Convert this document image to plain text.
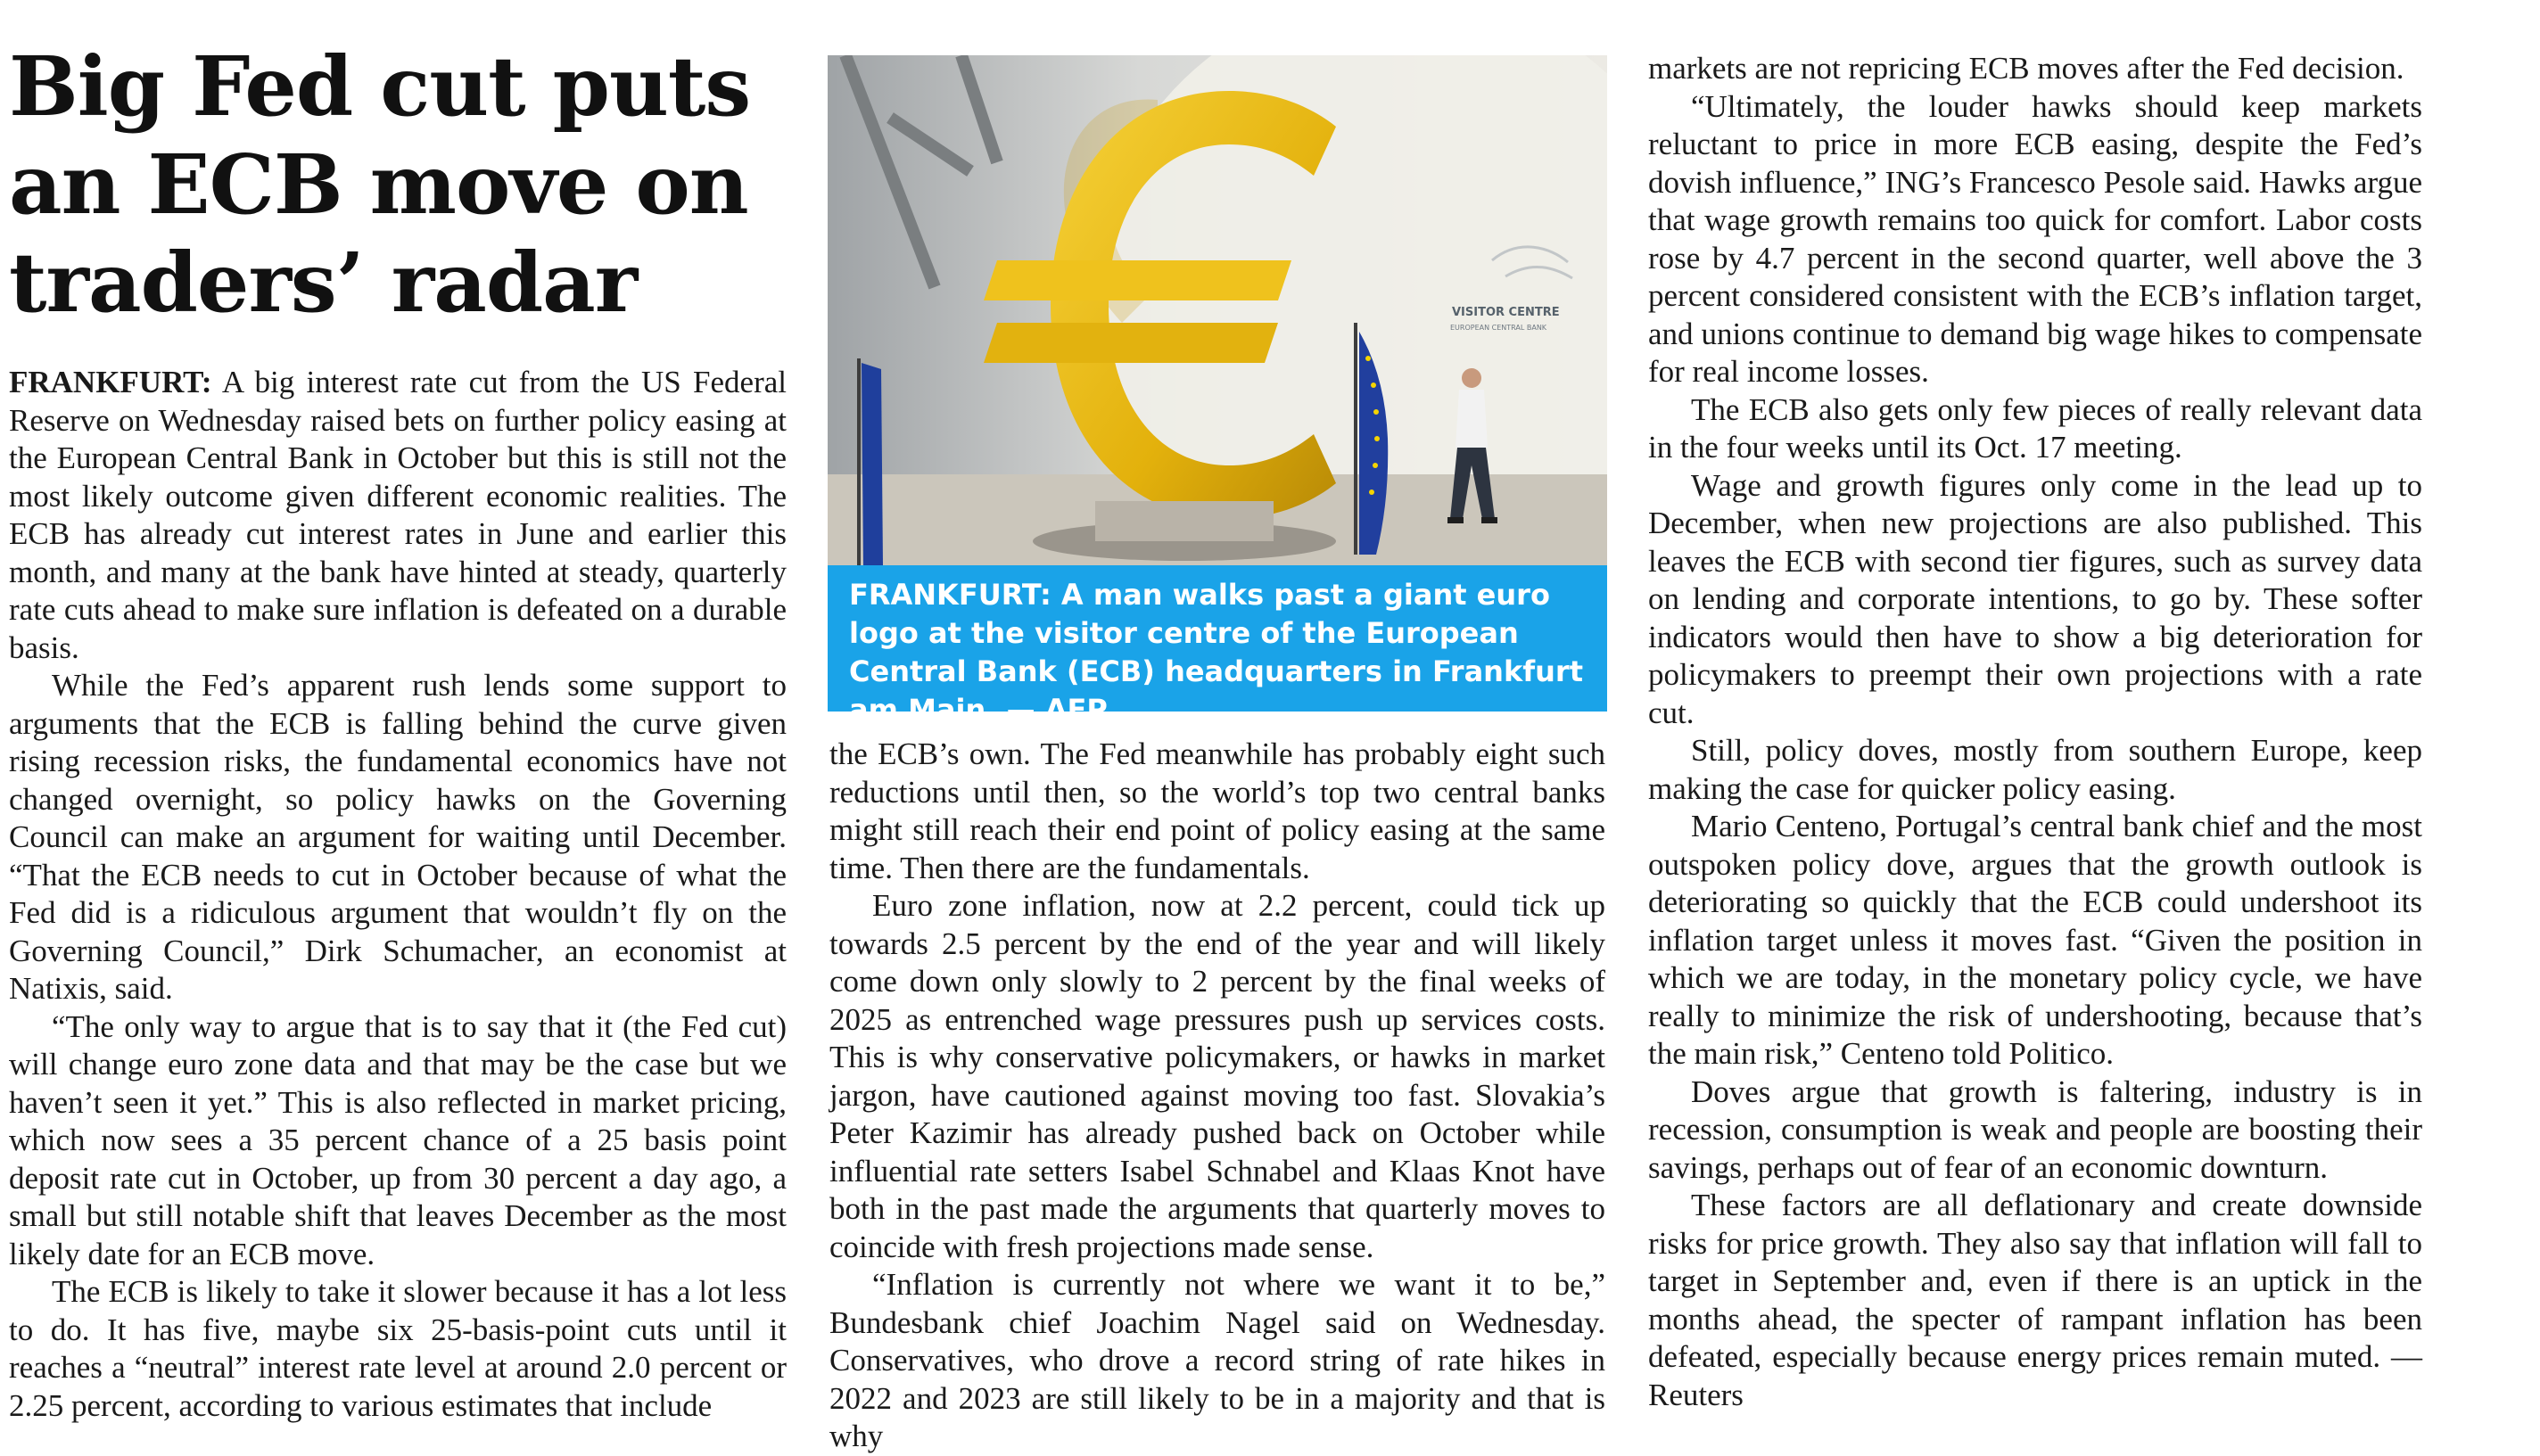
Big Fed cut puts an ECB move on traders’ radar

FRANKFURT: A big interest rate cut from the US Federal Reserve on Wednesday raised bets on further policy easing at the European Central Bank in October but this is still not the most likely outcome given different economic realities. The ECB has already cut interest rates in June and earlier this month, and many at the bank have hinted at steady, quarterly rate cuts ahead to make sure inflation is defeated on a durable basis.

While the Fed’s apparent rush lends some support to arguments that the ECB is falling behind the curve given rising recession risks, the fundamental economics have not changed overnight, so policy hawks on the Governing Council can make an argument for waiting until December. “That the ECB needs to cut in October because of what the Fed did is a ridiculous argument that wouldn’t fly on the Governing Council,” Dirk Schumacher, an economist at Natixis, said.

“The only way to argue that is to say that it (the Fed cut) will change euro zone data and that may be the case but we haven’t seen it yet.” This is also reflected in market pricing, which now sees a 35 percent chance of a 25 basis point deposit rate cut in October, up from 30 percent a day ago, a small but still notable shift that leaves December as the most likely date for an ECB move.

The ECB is likely to take it slower because it has a lot less to do. It has five, maybe six 25-basis-point cuts until it reaches a “neutral” interest rate level at around 2.0 percent or 2.25 percent, according to various estimates that include

VISITOR CENTRE
EUROPEAN CENTRAL BANK
FRANKFURT: A man walks past a giant euro logo at the visitor centre of the European Central Bank (ECB) headquarters in Frankfurt am Main. — AFP

the ECB’s own. The Fed meanwhile has probably eight such reductions until then, so the world’s top two central banks might still reach their end point of policy easing at the same time. Then there are the fundamentals.

Euro zone inflation, now at 2.2 percent, could tick up towards 2.5 percent by the end of the year and will likely come down only slowly to 2 percent by the final weeks of 2025 as entrenched wage pressures push up services costs. This is why conservative policymakers, or hawks in market jargon, have cautioned against moving too fast. Slovakia’s Peter Kazimir has already pushed back on October while influential rate setters Isabel Schnabel and Klaas Knot have both in the past made the arguments that quarterly moves to coincide with fresh projections made sense.

“Inflation is currently not where we want it to be,” Bundesbank chief Joachim Nagel said on Wednesday. Conservatives, who drove a record string of rate hikes in 2022 and 2023 are still likely to be in a majority and that is why

markets are not repricing ECB moves after the Fed decision.

“Ultimately, the louder hawks should keep markets reluctant to price in more ECB easing, despite the Fed’s dovish influence,” ING’s Francesco Pesole said. Hawks argue that wage growth remains too quick for comfort. Labor costs rose by 4.7 percent in the second quarter, well above the 3 percent considered consistent with the ECB’s inflation target, and unions continue to demand big wage hikes to compensate for real income losses.

The ECB also gets only few pieces of really relevant data in the four weeks until its Oct. 17 meeting.

Wage and growth figures only come in the lead up to December, when new projections are also published. This leaves the ECB with second tier figures, such as survey data on lending and corporate intentions, to go by. These softer indicators would then have to show a big deterioration for policymakers to preempt their own projections with a rate cut.

Still, policy doves, mostly from southern Europe, keep making the case for quicker policy easing.

Mario Centeno, Portugal’s central bank chief and the most outspoken policy dove, argues that the growth outlook is deteriorating so quickly that the ECB could undershoot its inflation target unless it moves fast. “Given the position in which we are today, in the monetary policy cycle, we have really to minimize the risk of undershooting, because that’s the main risk,” Centeno told Politico.

Doves argue that growth is faltering, industry is in recession, consumption is weak and people are boosting their savings, perhaps out of fear of an economic downturn.

These factors are all deflationary and create downside risks for price growth. They also say that inflation will fall to target in September and, even if there is an uptick in the months ahead, the specter of rampant inflation has been defeated, especially because energy prices remain muted. — Reuters
